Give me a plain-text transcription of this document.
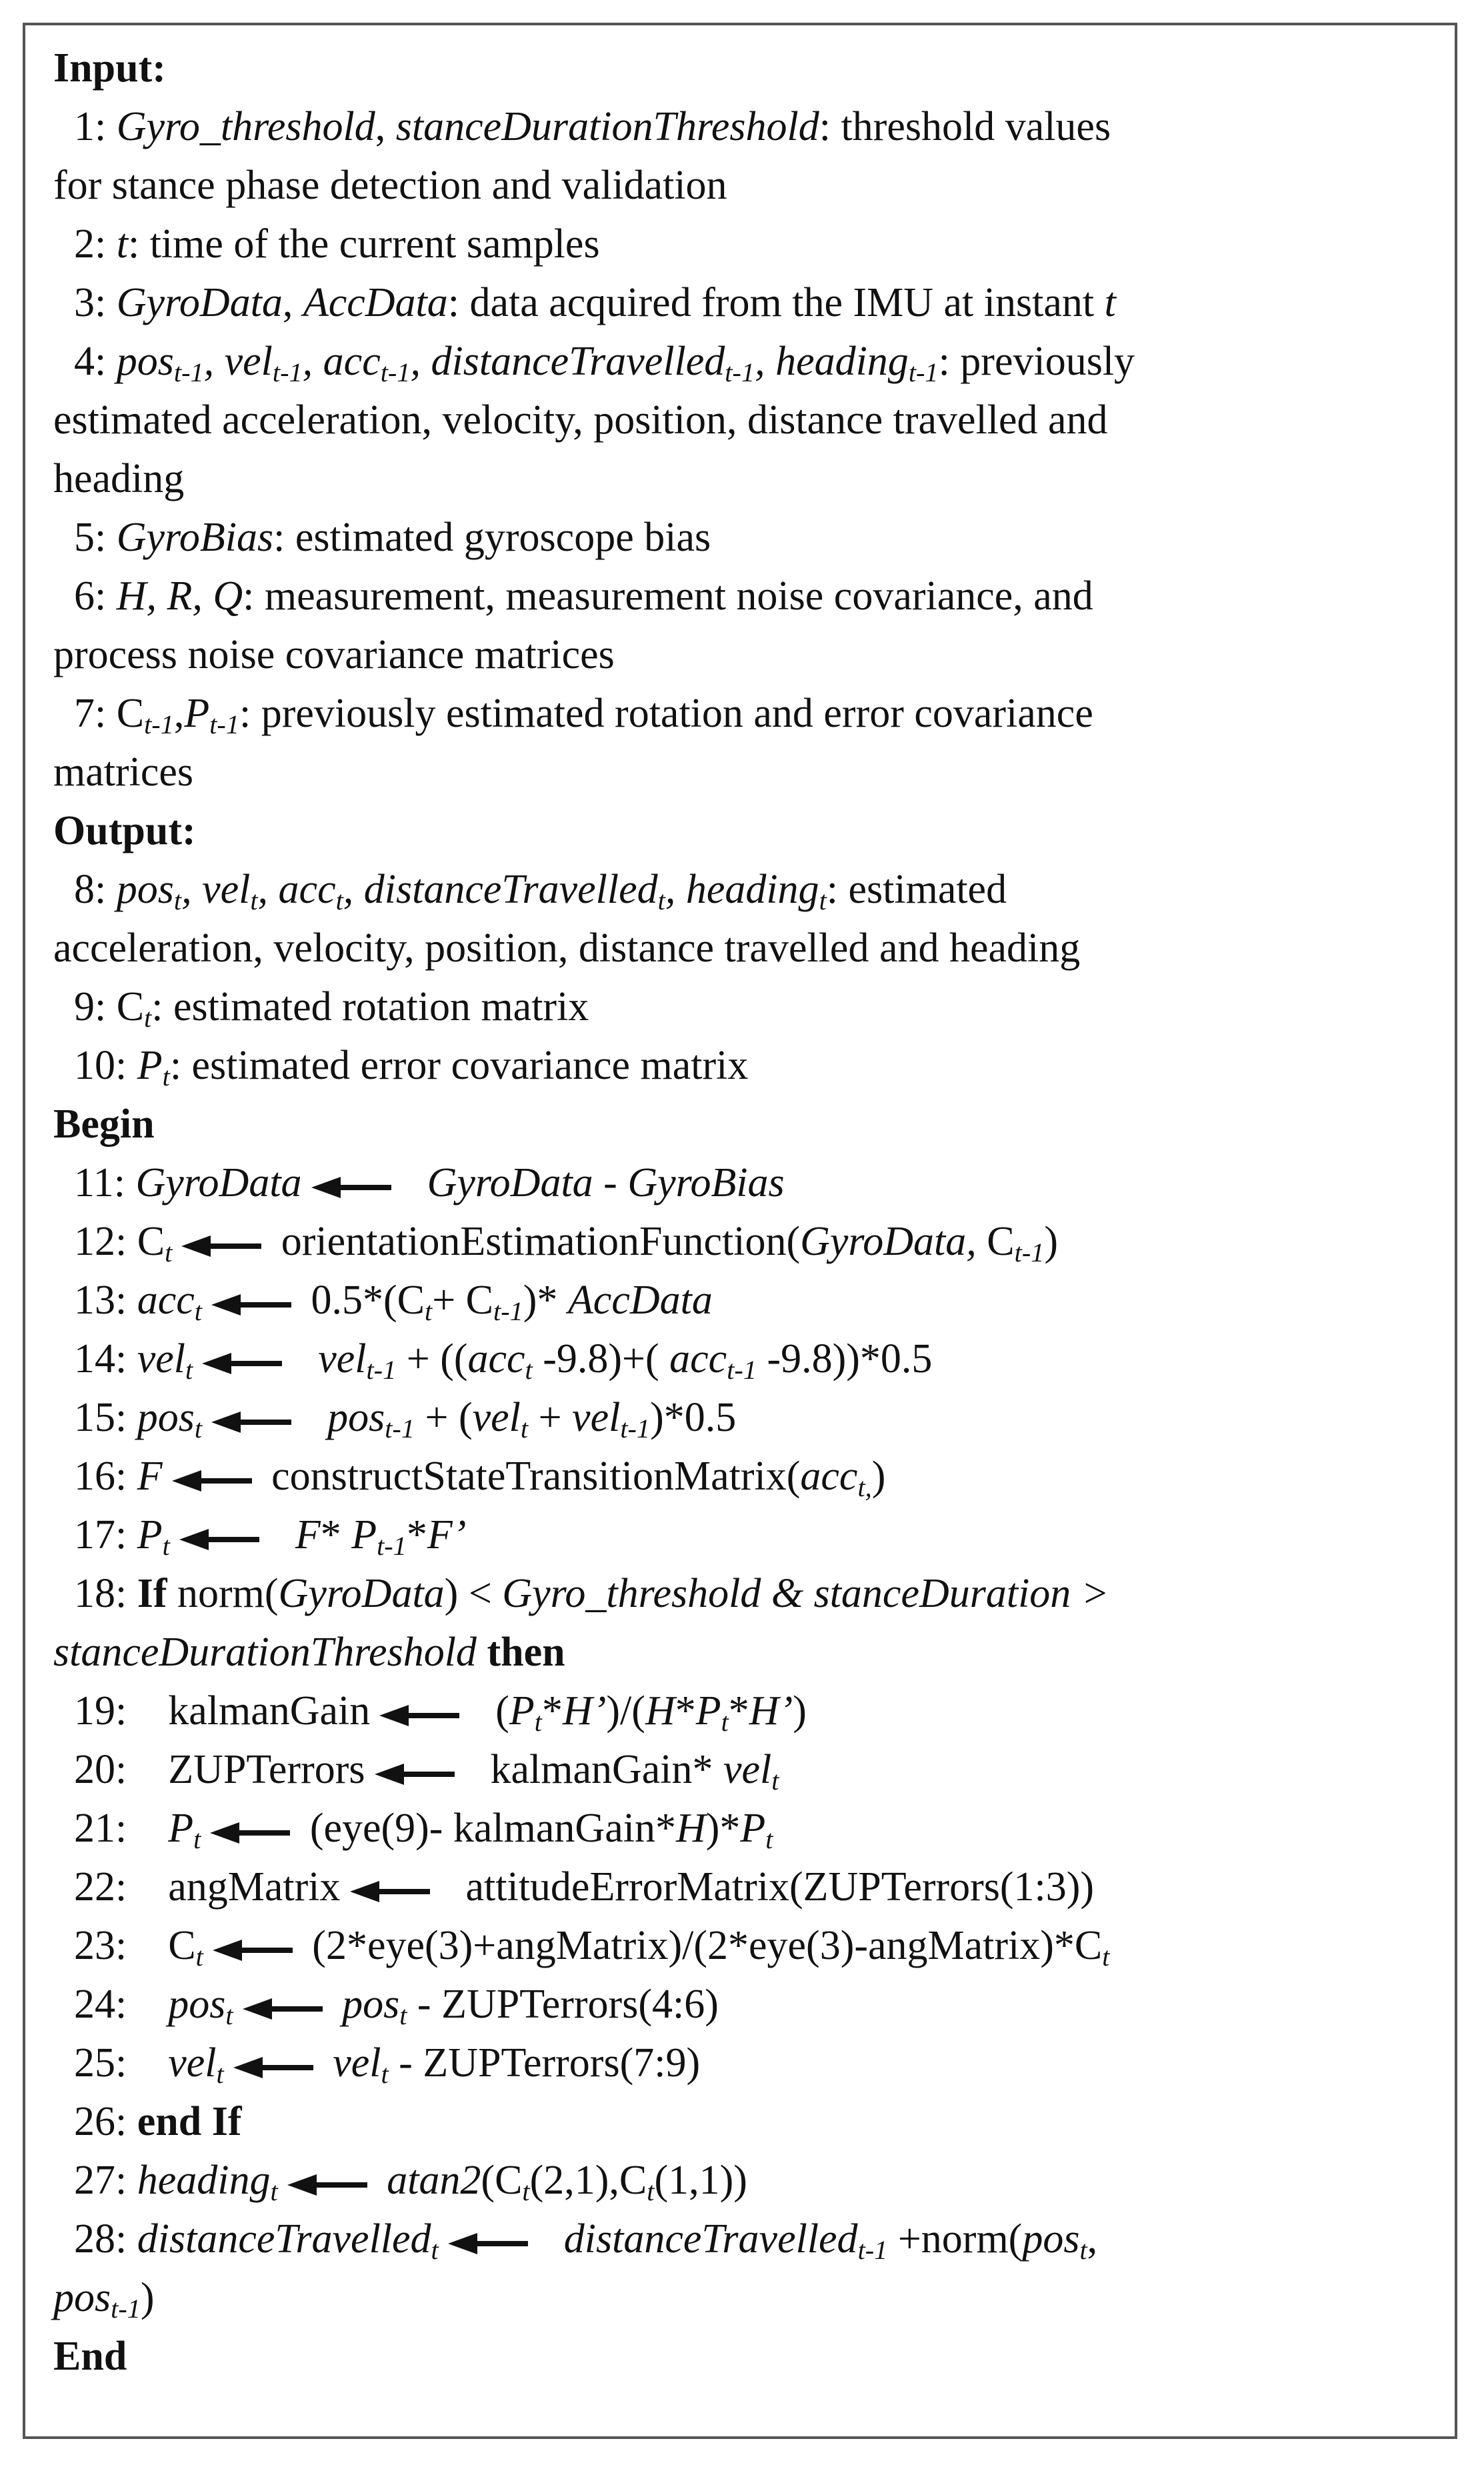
Input:
1: Gyro_threshold, stanceDurationThreshold: threshold values
for stance phase detection and validation
2: t: time of the current samples
3: GyroData, AccData: data acquired from the IMU at instant t
4: pos$_{t-1}$, vel$_{t-1}$, acc$_{t-1}$, distanceTravelled$_{t-1}$, heading$_{t-1}$: previously
estimated acceleration, velocity, position, distance travelled and
heading
5: GyroBias: estimated gyroscope bias
6: H, R, Q: measurement, measurement noise covariance, and
process noise covariance matrices
7: $C_{t-1},P_{t-1}$: previously estimated rotation and error covariance
matrices
Output:
8: pos$_t$, vel$_t$, acc$_t$, distanceTravelled$_t$, heading$_t$: estimated
acceleration, velocity, position, distance travelled and heading
9: $C_t$: estimated rotation matrix
10: $P_t$: estimated error covariance matrix
Begin
11: GyroData	GyroData - GyroBias
12: $C_t$	orientationEstimationFunction(GyroData, $C_{t-1}$)
13: acc$_t$	$0.5*(C_t+ C_{t-1})*$ AccData
14: vel$_t$	vel$_{t-1}$ + ((acc$_t$ -9.8)+( acc$_{t-1}$ -9.8))*0.5
15: pos$_t$	pos$_{t-1}$ + (vel$_t$ + vel$_{t-1}$)*0.5
16: F	constructStateTransitionMatrix(acc$_{t,}$)
17: $P_t$	F* $P_{t-1}*F$’
18: If norm(GyroData) < Gyro_threshold & stanceDuration >
stanceDurationThreshold then
19: kalmanGain	$(P_t*H’)/(H*P_t*H’)$
20: ZUPTerrors	kalmanGain* vel$_t$
21: $P_t$	(eye(9)- $kalmanGain*H)*P_t$
22: angMatrix	attitudeErrorMatrix(ZUPTerrors(1:3))
23:    $C_t$	$(2*eye(3)+angMatrix)/(2*eye(3)-angMatrix)*C_t$
24: pos$_t$	pos$_t$ - ZUPTerrors(4:6)
25: vel$_t$	vel$_t$ - ZUPTerrors(7:9)
26: end If
27: heading$_t$	$atan2(C_t(2,1),C_t(1,1))$
28: distanceTravelled$_t$	distanceTravelled$_{t-1}$ +norm(pos$_t$,
pos$_{t-1}$)
End
